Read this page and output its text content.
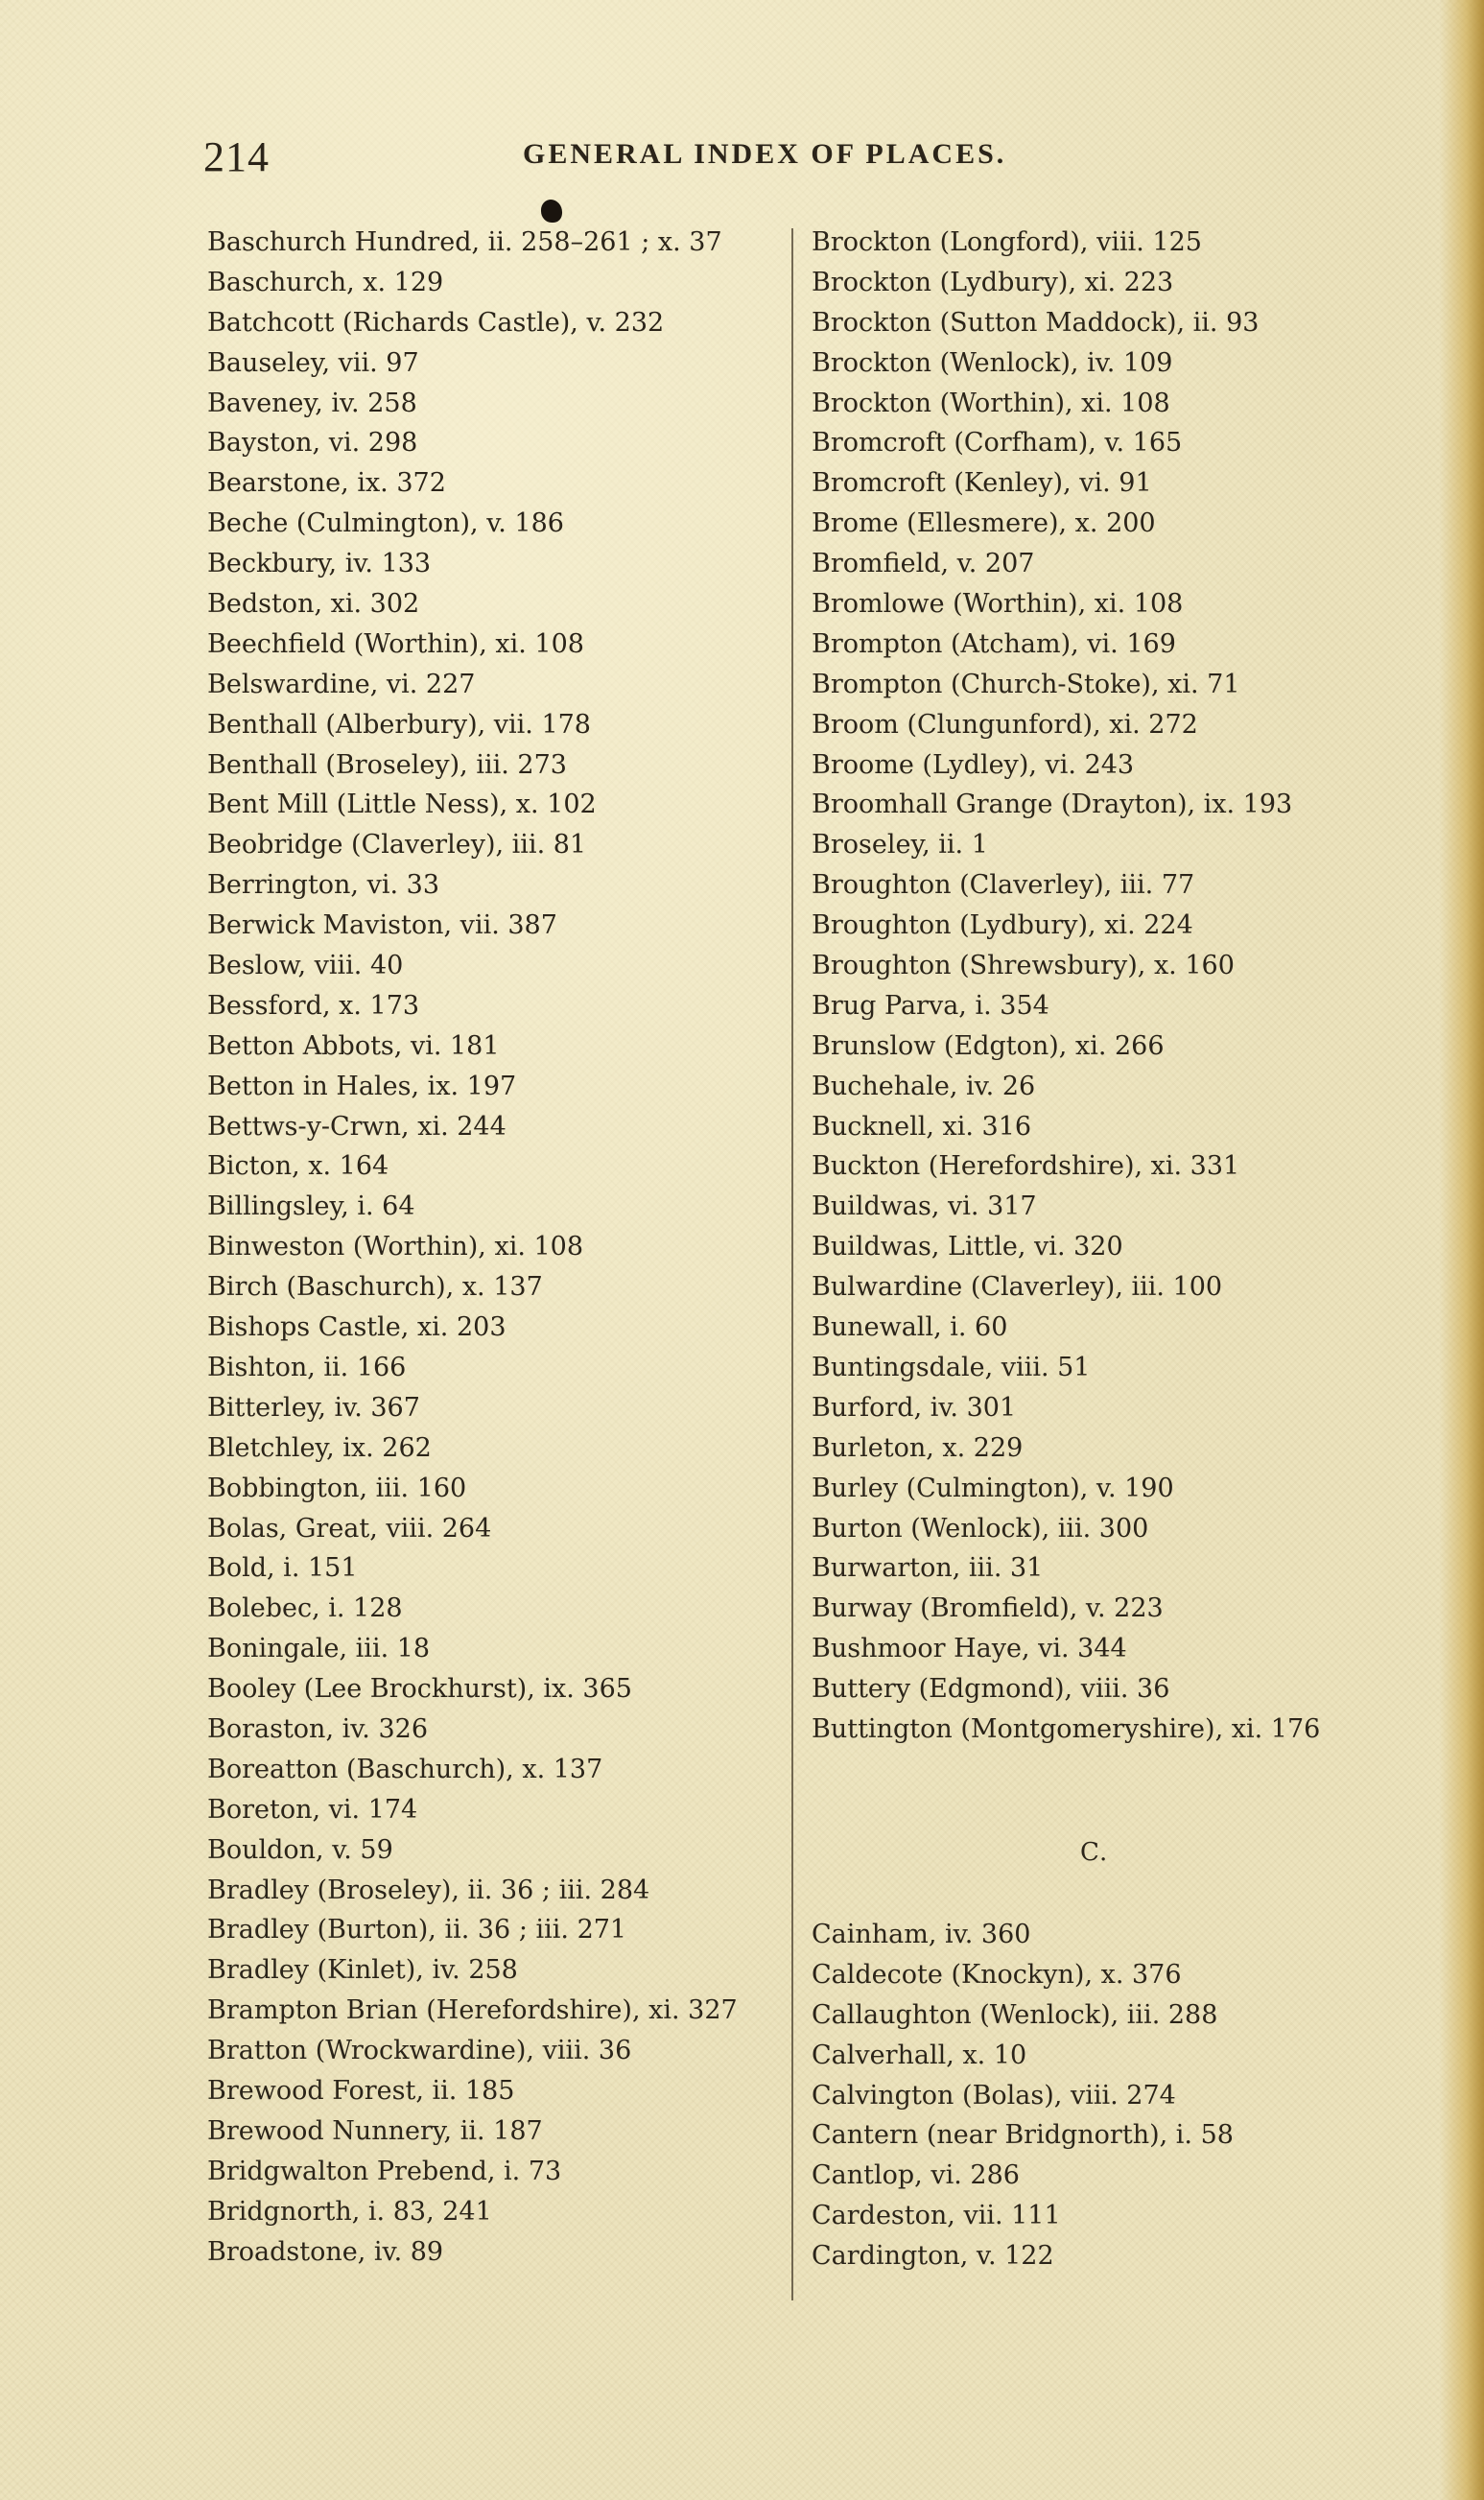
214	GENERAL INDEX OF PLACES.
Baschurch Hundred, ii. 258–261 ; x. 37
Baschurch, x. 129
Batchcott (Richards Castle), v. 232
Bauseley, vii. 97
Baveney, iv. 258
Bayston, vi. 298
Bearstone, ix. 372
Beche (Culmington), v. 186
Beckbury, iv. 133
Bedston, xi. 302
Beechfield (Worthin), xi. 108
Belswardine, vi. 227
Benthall (Alberbury), vii. 178
Benthall (Broseley), iii. 273
Bent Mill (Little Ness), x. 102
Beobridge (Claverley), iii. 81
Berrington, vi. 33
Berwick Maviston, vii. 387
Beslow, viii. 40
Bessford, x. 173
Betton Abbots, vi. 181
Betton in Hales, ix. 197
Bettws-y-Crwn, xi. 244
Bicton, x. 164
Billingsley, i. 64
Binweston (Worthin), xi. 108
Birch (Baschurch), x. 137
Bishops Castle, xi. 203
Bishton, ii. 166
Bitterley, iv. 367
Bletchley, ix. 262
Bobbington, iii. 160
Bolas, Great, viii. 264
Bold, i. 151
Bolebec, i. 128
Boningale, iii. 18
Booley (Lee Brockhurst), ix. 365
Boraston, iv. 326
Boreatton (Baschurch), x. 137
Boreton, vi. 174
Bouldon, v. 59
Bradley (Broseley), ii. 36 ; iii. 284
Bradley (Burton), ii. 36 ; iii. 271
Bradley (Kinlet), iv. 258
Brampton Brian (Herefordshire), xi. 327
Bratton (Wrockwardine), viii. 36
Brewood Forest, ii. 185
Brewood Nunnery, ii. 187
Bridgwalton Prebend, i. 73
Bridgnorth, i. 83, 241
Broadstone, iv. 89
Brockton (Longford), viii. 125
Brockton (Lydbury), xi. 223
Brockton (Sutton Maddock), ii. 93
Brockton (Wenlock), iv. 109
Brockton (Worthin), xi. 108
Bromcroft (Corfham), v. 165
Bromcroft (Kenley), vi. 91
Brome (Ellesmere), x. 200
Bromfield, v. 207
Bromlowe (Worthin), xi. 108
Brompton (Atcham), vi. 169
Brompton (Church-Stoke), xi. 71
Broom (Clungunford), xi. 272
Broome (Lydley), vi. 243
Broomhall Grange (Drayton), ix. 193
Broseley, ii. 1
Broughton (Claverley), iii. 77
Broughton (Lydbury), xi. 224
Broughton (Shrewsbury), x. 160
Brug Parva, i. 354
Brunslow (Edgton), xi. 266
Buchehale, iv. 26
Bucknell, xi. 316
Buckton (Herefordshire), xi. 331
Buildwas, vi. 317
Buildwas, Little, vi. 320
Bulwardine (Claverley), iii. 100
Bunewall, i. 60
Buntingsdale, viii. 51
Burford, iv. 301
Burleton, x. 229
Burley (Culmington), v. 190
Burton (Wenlock), iii. 300
Burwarton, iii. 31
Burway (Bromfield), v. 223
Bushmoor Haye, vi. 344
Buttery (Edgmond), viii. 36
Buttington (Montgomeryshire), xi. 176
C.
Cainham, iv. 360
Caldecote (Knockyn), x. 376
Callaughton (Wenlock), iii. 288
Calverhall, x. 10
Calvington (Bolas), viii. 274
Cantern (near Bridgnorth), i. 58
Cantlop, vi. 286
Cardeston, vii. 111
Cardington, v. 122
